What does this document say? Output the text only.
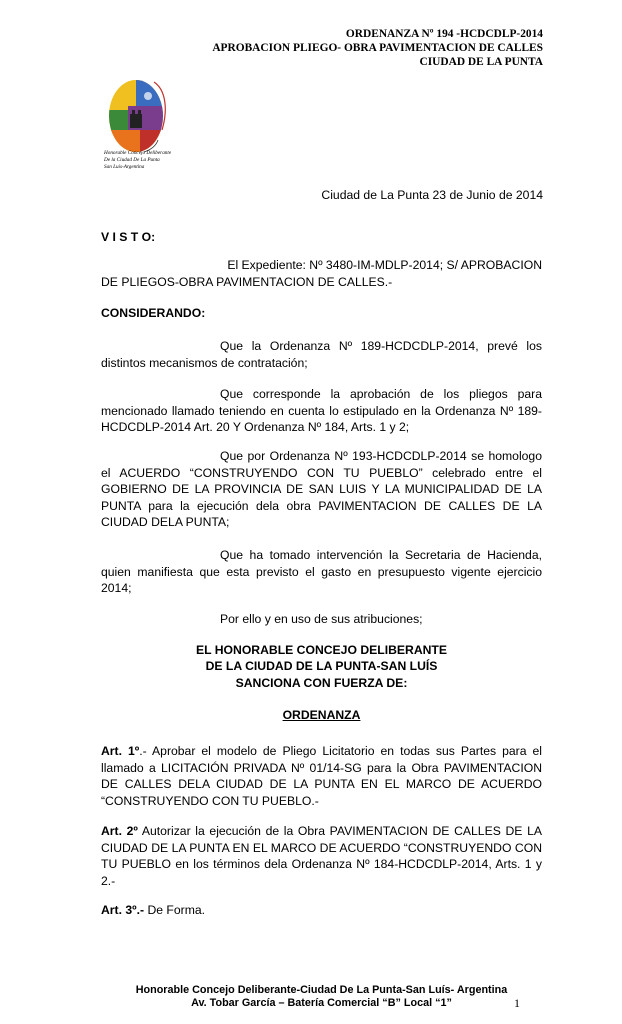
ORDENANZA Nº 194 -HCDCDLP-2014
APROBACION PLIEGO- OBRA PAVIMENTACION DE CALLES
CIUDAD DE LA PUNTA
Honorable Concejo Deliberante
De la Ciudad De La Punta
San Luis-Argentina
Ciudad de La Punta 23 de Junio de 2014
V I S T O:
El Expediente: Nº 3480-IM-MDLP-2014; S/ APROBACION
DE PLIEGOS-OBRA PAVIMENTACION DE CALLES.-
CONSIDERANDO:
Que la Ordenanza Nº 189-HCDCDLP-2014, prevé los distintos mecanismos de contratación;
Que corresponde la aprobación de los pliegos para mencionado llamado teniendo en cuenta lo estipulado en la Ordenanza Nº 189-HCDCDLP-2014 Art. 20 Y Ordenanza Nº 184, Arts. 1 y 2;
Que por Ordenanza Nº 193-HCDCDLP-2014 se homologo el ACUERDO “CONSTRUYENDO CON TU PUEBLO” celebrado entre el GOBIERNO DE LA PROVINCIA DE SAN LUIS Y LA MUNICIPALIDAD DE LA PUNTA para la ejecución dela obra PAVIMENTACION DE CALLES DE LA CIUDAD DELA PUNTA;
Que ha tomado intervención la Secretaria de Hacienda, quien manifiesta que esta previsto el gasto en presupuesto vigente ejercicio 2014;
Por ello y en uso de sus atribuciones;
EL HONORABLE CONCEJO DELIBERANTE
DE LA CIUDAD DE LA PUNTA-SAN LUÍS
SANCIONA CON FUERZA DE:
ORDENANZA
Art. 1º.- Aprobar el modelo de Pliego Licitatorio en todas sus Partes para el llamado a LICITACIÓN PRIVADA Nº 01/14-SG para la Obra PAVIMENTACION DE CALLES DELA CIUDAD DE LA PUNTA EN EL MARCO DE ACUERDO “CONSTRUYENDO CON TU PUEBLO.-
Art. 2º Autorizar la ejecución de la Obra PAVIMENTACION DE CALLES DE LA CIUDAD DE LA PUNTA EN EL MARCO DE ACUERDO “CONSTRUYENDO CON TU PUEBLO en los términos dela Ordenanza Nº 184-HCDCDLP-2014, Arts. 1 y 2.-
Art. 3º.- De Forma.
Honorable Concejo Deliberante-Ciudad De La Punta-San Luís- Argentina
Av. Tobar García – Batería Comercial “B” Local “1”	1
